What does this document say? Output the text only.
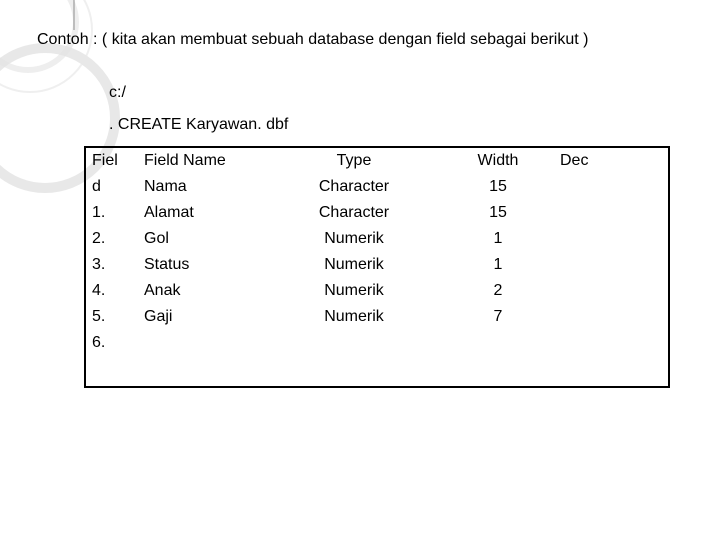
Contoh : ( kita akan membuat sebuah database dengan field sebagai berikut )
c:/
. CREATE Karyawan. dbf
Fiel
d
1.
2.
3.
4.
5.
6.
Field Name
Nama
Alamat
Gol
Status
Anak
Gaji
Type
Character
Character
Numerik
Numerik
Numerik
Numerik
Width
15
15
1
1
2
7
Dec
